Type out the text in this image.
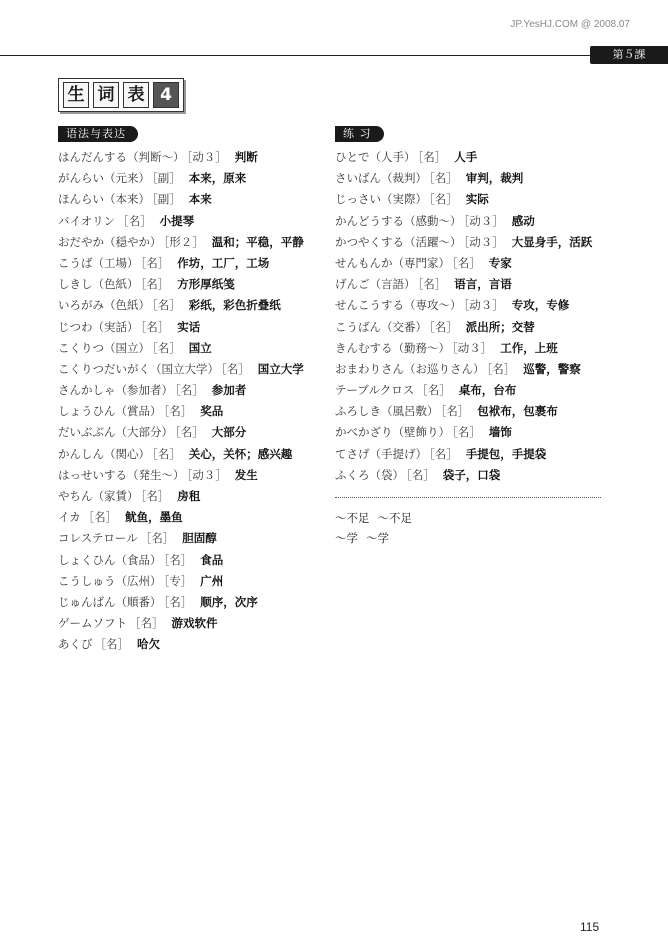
JP.YesHJ.COM @ 2008.07
第５課
生 词 表 4
语法与表达
はんだんする（判断～） ［动３］ 判断
がんらい（元来） ［副］ 本来，原来
ほんらい（本来） ［副］ 本来
バイオリン ［名］ 小提琴
おだやか（穏やか） ［形２］ 温和；平稳，平静
こうば（工場） ［名］ 作坊，工厂，工场
しきし（色紙） ［名］ 方形厚纸笺
いろがみ（色紙） ［名］ 彩纸，彩色折叠纸
じつわ（実話） ［名］ 实话
こくりつ（国立） ［名］ 国立
こくりつだいがく（国立大学） ［名］ 国立大学
さんかしゃ（参加者） ［名］ 参加者
しょうひん（賞品） ［名］ 奖品
だいぶぶん（大部分） ［名］ 大部分
かんしん（関心） ［名］ 关心，关怀；感兴趣
はっせいする（発生～） ［动３］ 发生
やちん（家賃） ［名］ 房租
イカ ［名］ 鱿鱼，墨鱼
コレステロール ［名］ 胆固醇
しょくひん（食品） ［名］ 食品
こうしゅう（広州） ［专］ 广州
じゅんばん（順番） ［名］ 顺序，次序
ゲームソフト ［名］ 游戏软件
あくび ［名］ 哈欠
练 习
ひとで（人手） ［名］ 人手
さいばん（裁判） ［名］ 审判，裁判
じっさい（実際） ［名］ 实际
かんどうする（感動～） ［动３］ 感动
かつやくする（活躍～） ［动３］ 大显身手，活跃
せんもんか（専門家） ［名］ 专家
げんご（言語） ［名］ 语言，言语
せんこうする（専攻～） ［动３］ 专攻，专修
こうばん（交番） ［名］ 派出所；交替
きんむする（勤務～） ［动３］ 工作，上班
おまわりさん（お巡りさん） ［名］ 巡警，警察
テーブルクロス ［名］ 桌布，台布
ふろしき（風呂敷） ［名］ 包袱布，包裹布
かべかざり（壁飾り） ［名］ 墙饰
てさげ（手提げ） ［名］ 手提包，手提袋
ふくろ（袋） ［名］ 袋子，口袋
～不足 ～不足
～学 ～学
115
